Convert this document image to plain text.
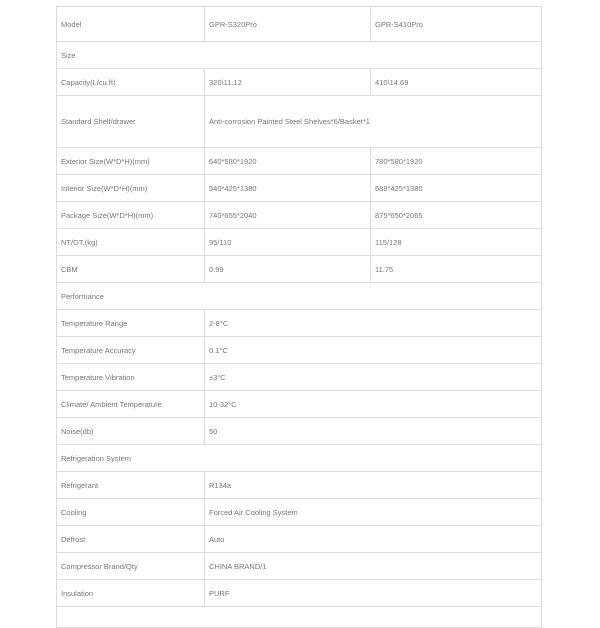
Model	GPR-S320Pro	GPR-S410Pro
Size		
Capacity(L/cu.ft)	320\11.12	410\14.69
Standard Shelf/drawer	Anti-corrosion Painted Steel Shelves*6/Basket*1	
Exterior Size(W*D*H)(mm)	640*580*1920	780*580*1920
Interior Size(W*D*H)(mm)	540*425*1380	688*425*1380
Package Size(W*D*H)(mm)	740*655*2040	875*650*2065
NT/GT.(kg)	95/110	115/128
CBM	0.99	11.75
Performance		
Temperature Range	2-8°C	
Temperature Accuracy	0.1°C	
Temperature Vibration	±3°C	
Climate/ Ambient Temperature	10-32°C	
Noise(db)	50	
Refrigeration System		
Refrigerant	R134a	
Cooling	Forced Air Cooling System	
Defrost	Auto	
Compressor Brand/Qty	CHINA BRAND/1	
Insulation	PURF	
